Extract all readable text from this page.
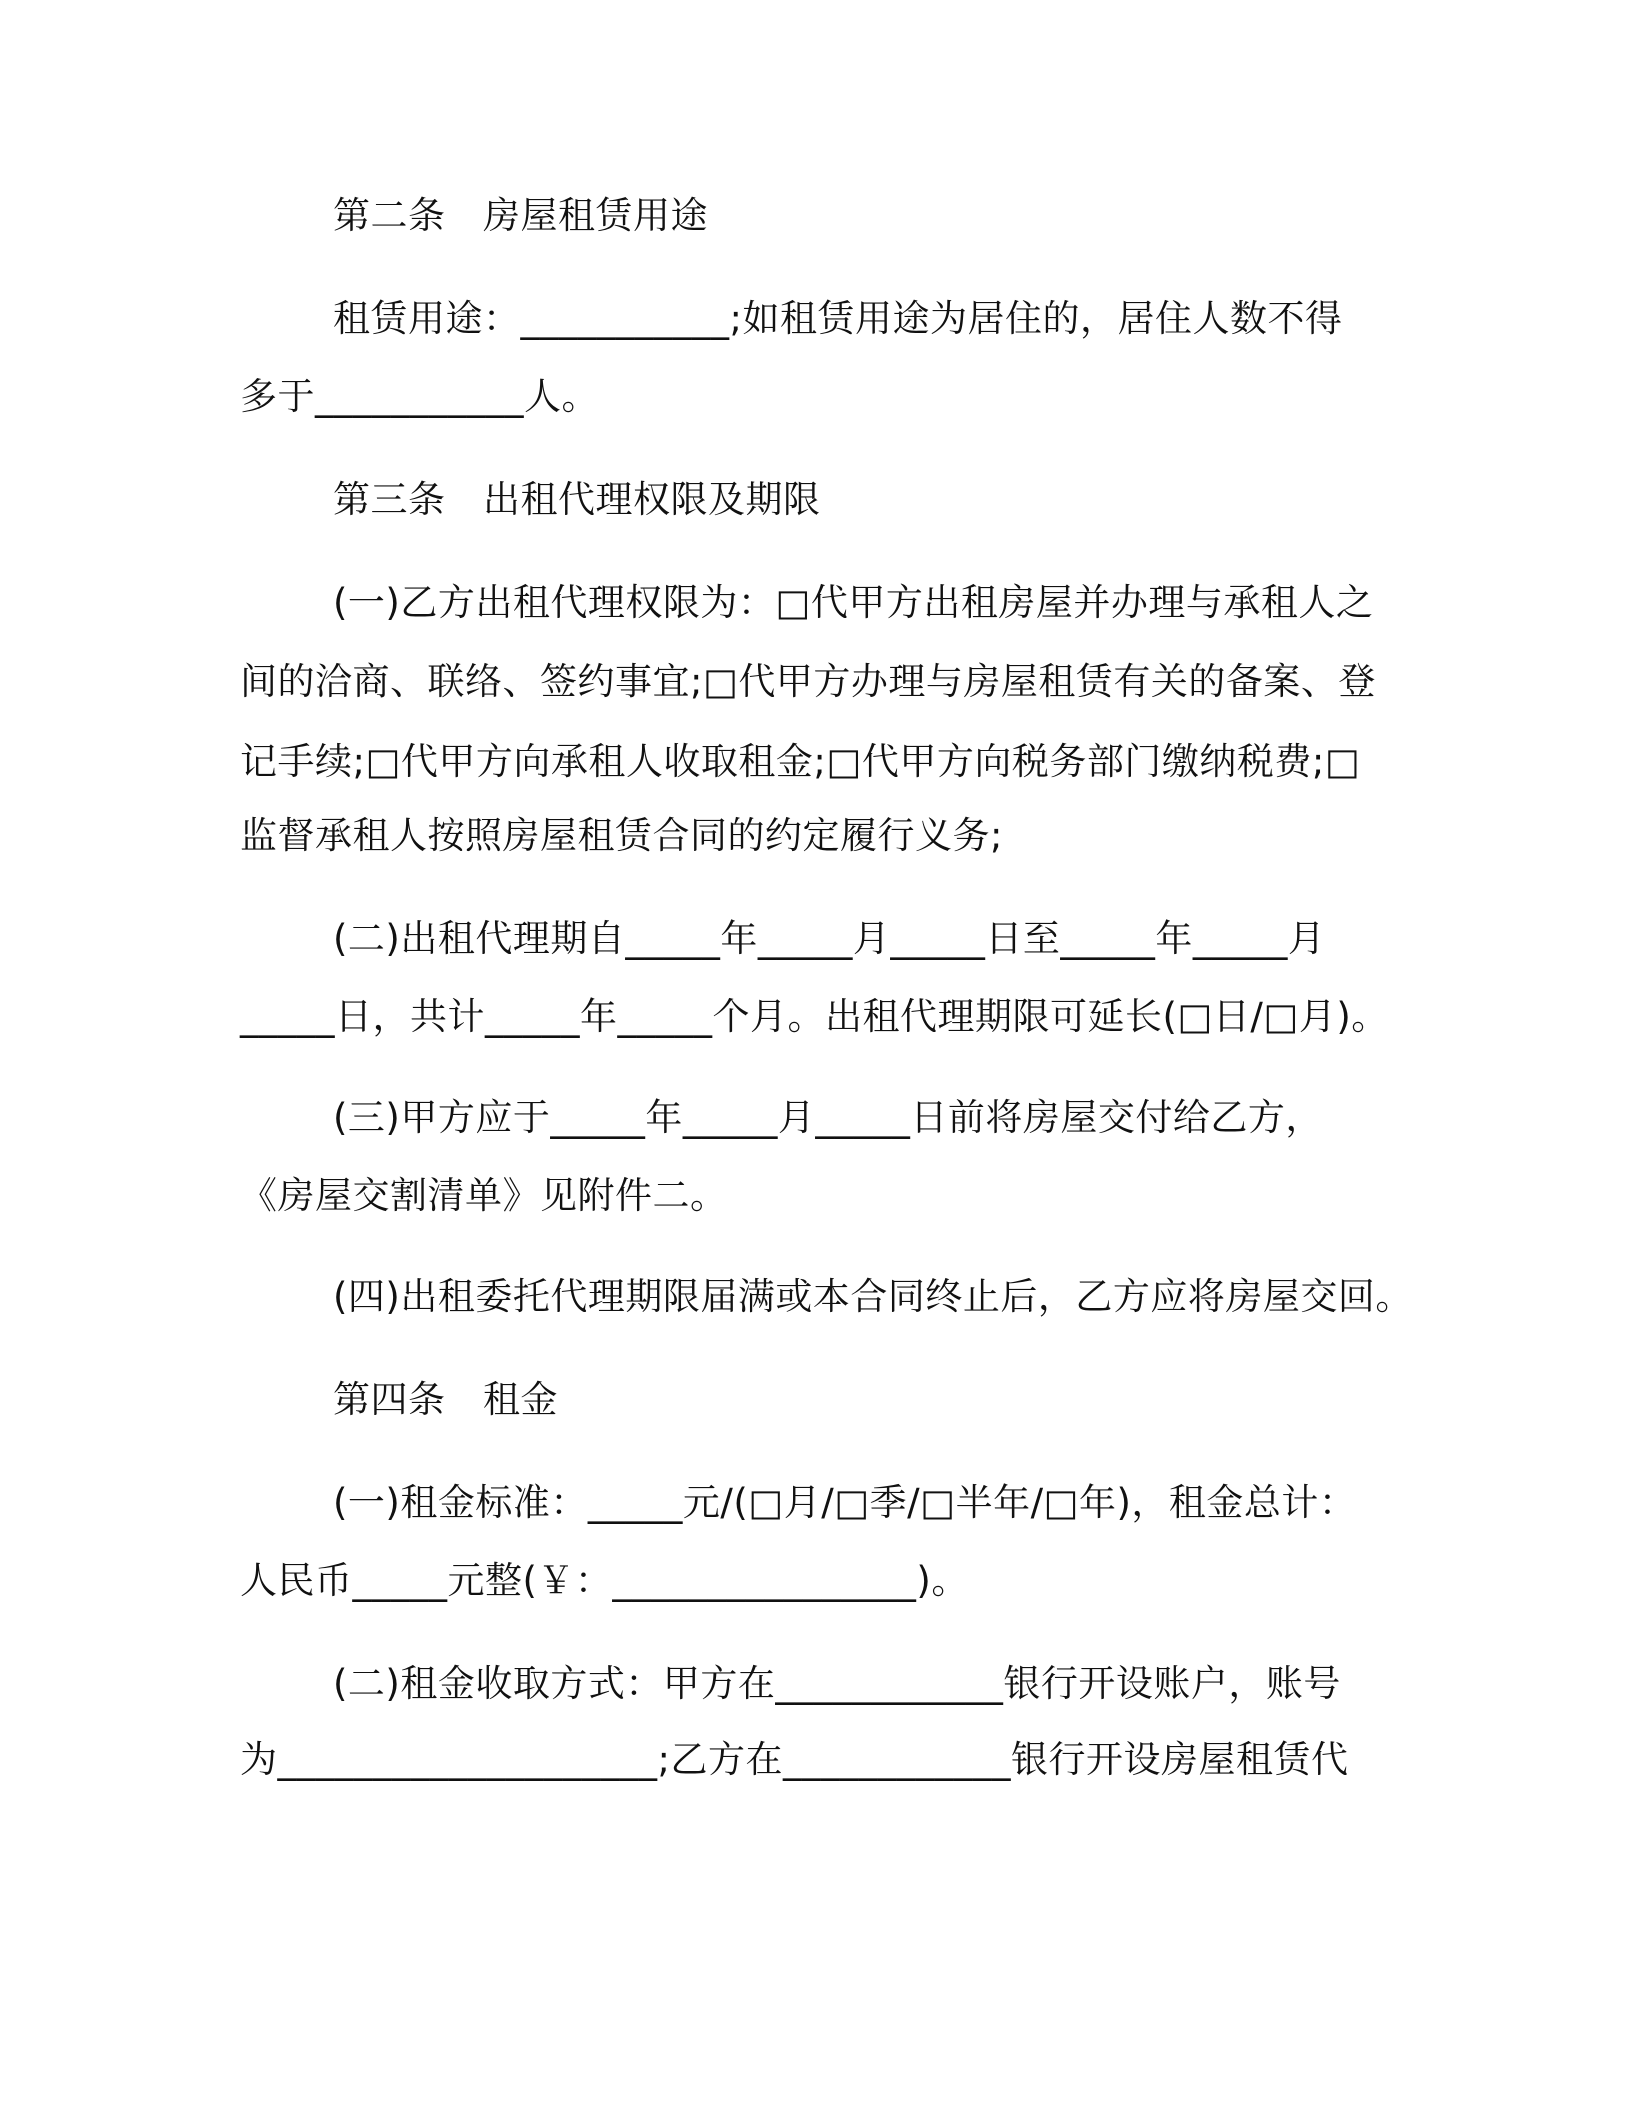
第二条　房屋租赁用途
租赁用途：___________;如租赁用途为居住的，居住人数不得
多于___________人。
第三条　出租代理权限及期限
(一)乙方出租代理权限为：□代甲方出租房屋并办理与承租人之
间的洽商、联络、签约事宜;□代甲方办理与房屋租赁有关的备案、登
记手续;□代甲方向承租人收取租金;□代甲方向税务部门缴纳税费;□
监督承租人按照房屋租赁合同的约定履行义务;
(二)出租代理期自_____年_____月_____日至_____年_____月
_____日，共计_____年_____个月。出租代理期限可延长(□日/□月)。
(三)甲方应于_____年_____月_____日前将房屋交付给乙方，
《房屋交割清单》见附件二。
(四)出租委托代理期限届满或本合同终止后，乙方应将房屋交回。
第四条　租金
(一)租金标准：_____元/(□月/□季/□半年/□年)，租金总计：
人民币_____元整(￥：________________)。
(二)租金收取方式：甲方在____________银行开设账户，账号
为____________________;乙方在____________银行开设房屋租赁代
